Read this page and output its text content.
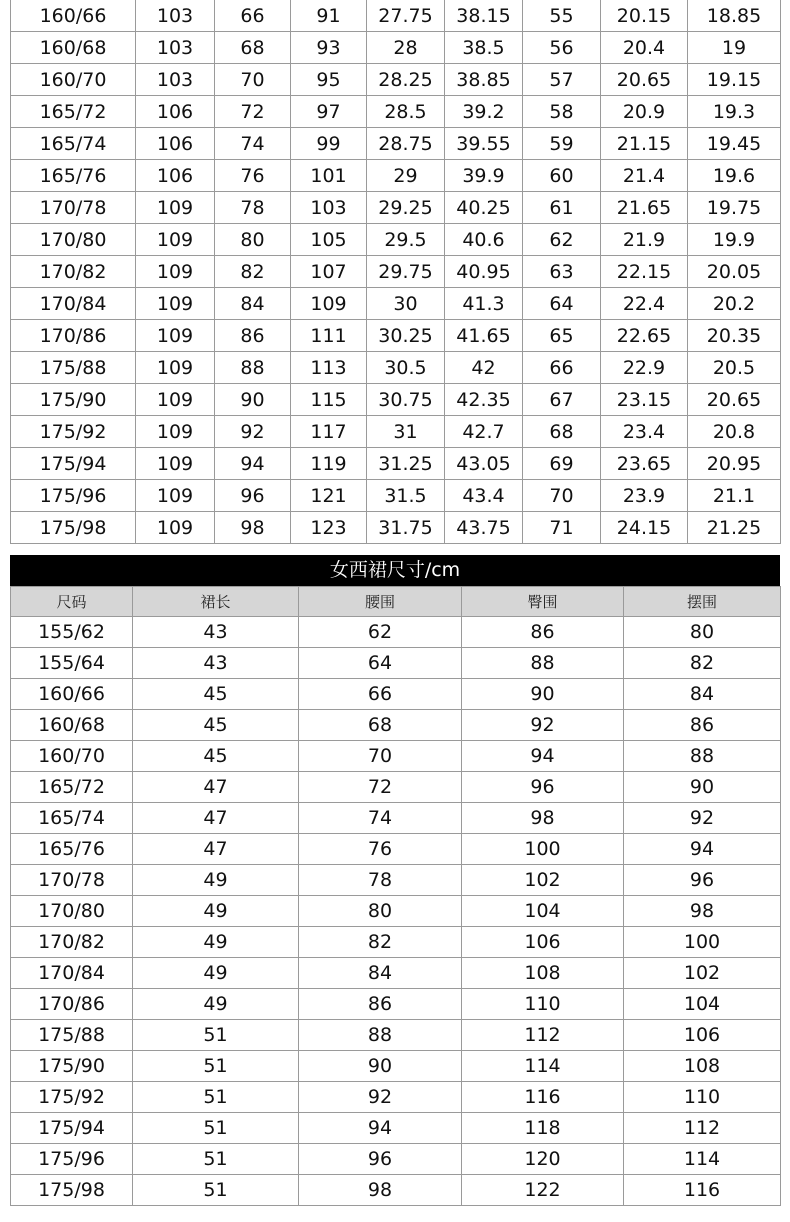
160/66	103	66	91	27.75	38.15	55	20.15	18.85
160/68	103	68	93	28	38.5	56	20.4	19
160/70	103	70	95	28.25	38.85	57	20.65	19.15
165/72	106	72	97	28.5	39.2	58	20.9	19.3
165/74	106	74	99	28.75	39.55	59	21.15	19.45
165/76	106	76	101	29	39.9	60	21.4	19.6
170/78	109	78	103	29.25	40.25	61	21.65	19.75
170/80	109	80	105	29.5	40.6	62	21.9	19.9
170/82	109	82	107	29.75	40.95	63	22.15	20.05
170/84	109	84	109	30	41.3	64	22.4	20.2
170/86	109	86	111	30.25	41.65	65	22.65	20.35
175/88	109	88	113	30.5	42	66	22.9	20.5
175/90	109	90	115	30.75	42.35	67	23.15	20.65
175/92	109	92	117	31	42.7	68	23.4	20.8
175/94	109	94	119	31.25	43.05	69	23.65	20.95
175/96	109	96	121	31.5	43.4	70	23.9	21.1
175/98	109	98	123	31.75	43.75	71	24.15	21.25
女西裙尺寸/cm
尺码	裙长	腰围	臀围	摆围
155/62	43	62	86	80
155/64	43	64	88	82
160/66	45	66	90	84
160/68	45	68	92	86
160/70	45	70	94	88
165/72	47	72	96	90
165/74	47	74	98	92
165/76	47	76	100	94
170/78	49	78	102	96
170/80	49	80	104	98
170/82	49	82	106	100
170/84	49	84	108	102
170/86	49	86	110	104
175/88	51	88	112	106
175/90	51	90	114	108
175/92	51	92	116	110
175/94	51	94	118	112
175/96	51	96	120	114
175/98	51	98	122	116
